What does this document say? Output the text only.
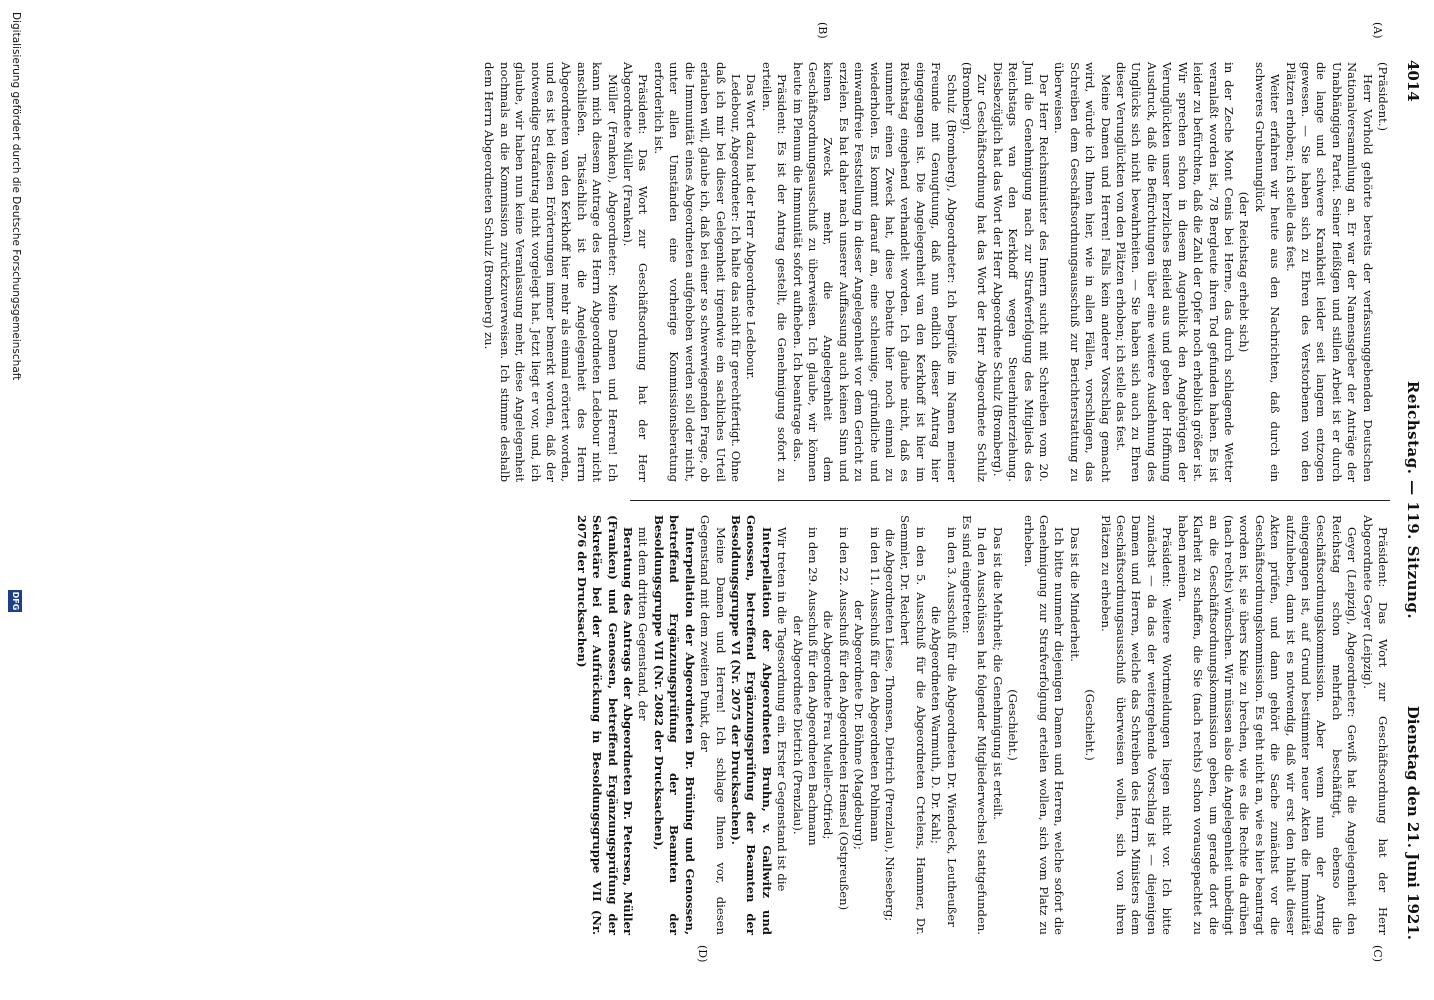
4014
Reichstag. — 119. Sitzung.
Dienstag den 21. Juni 1921.
(A)
(B)
(C)
(D)

(Präsident.)

Herr Vorhold gehörte bereits der verfassunggebenden Deutschen Nationalversammlung an. Er war der Namensgeber der Anträge der Unabhängigen Partei. Seiner fleißigen und stillen Arbeit ist er durch die lange und schwere Krankheit leider seit langem entzogen gewesen. — Sie haben sich zu Ehren des Verstorbenen von den Plätzen erhoben; ich stelle das fest.

Weiter erfahren wir heute aus den Nachrichten, daß durch ein schweres Grubenunglück

(der Reichstag erhebt sich)

in der Zeche Mont Cenis bei Herne, das durch schlagende Wetter veranlaßt worden ist, 78 Bergleute ihren Tod gefunden haben. Es ist leider zu befürchten, daß die Zahl der Opfer noch erheblich größer ist. Wir sprechen schon in diesem Augenblick den Angehörigen der Verunglückten unser herzliches Beileid aus und geben der Hoffnung Ausdruck, daß die Befürchtungen über eine weitere Ausdehnung des Unglücks sich nicht bewahrheiten. — Sie haben sich auch zu Ehren dieser Verunglückten von den Plätzen erhoben; ich stelle das fest.

Meine Damen und Herren! Falls kein anderer Vorschlag gemacht wird, würde ich Ihnen hier, wie in allen Fällen, vorschlagen, das Schreiben dem Geschäftsordnungsausschuß zur Berichterstattung zu überweisen.

Der Herr Reichsminister des Innern sucht mit Schreiben vom 20. Juni die Genehmigung nach zur Strafverfolgung des Mitglieds des Reichstags van den Kerkhoff wegen Steuerhinterziehung. Diesbezüglich hat das Wort der Herr Abgeordnete Schulz (Bromberg).

Zur Geschäftsordnung hat das Wort der Herr Abgeordnete Schulz (Bromberg).

Schulz (Bromberg), Abgeordneter: Ich begrüße im Namen meiner Freunde mit Genugtuung, daß nun endlich dieser Antrag hier eingegangen ist. Die Angelegenheit van den Kerkhoff ist hier im Reichstag eingehend verhandelt worden. Ich glaube nicht, daß es nunmehr einen Zweck hat, diese Debatte hier noch einmal zu wiederholen. Es kommt darauf an, eine schleunige, gründliche und einwandfreie Feststellung in dieser Angelegenheit vor dem Gericht zu erzielen. Es hat daher nach unserer Auffassung auch keinen Sinn und keinen Zweck mehr, die Angelegenheit dem Geschäftsordnungsausschuß zu überweisen. Ich glaube, wir können heute im Plenum die Immunität sofort aufheben. Ich beantrage das.

Präsident: Es ist der Antrag gestellt, die Genehmigung sofort zu erteilen.

Das Wort dazu hat der Herr Abgeordnete Ledebour.

Ledebour, Abgeordneter: Ich halte das nicht für gerechtfertigt. Ohne daß ich mir bei dieser Gelegenheit irgendwie ein sachliches Urteil erlauben will, glaube ich, daß bei einer so schwerwiegenden Frage, ob die Immunität eines Abgeordneten aufgehoben werden soll oder nicht, unter allen Umständen eine vorherige Kommissionsberatung erforderlich ist.

Präsident: Das Wort zur Geschäftsordnung hat der Herr Abgeordnete Müller (Franken).

Müller (Franken), Abgeordneter: Meine Damen und Herren! Ich kann mich diesem Antrage des Herrn Abgeordneten Ledebour nicht anschließen. Tatsächlich ist die Angelegenheit des Herrn Abgeordneten van den Kerkhoff hier mehr als einmal erörtert worden, und es ist bei diesen Erörterungen immer bemerkt worden, daß der notwendige Strafantrag nicht vorgelegt hat. Jetzt liegt er vor, und, ich glaube, wir haben nun keine Veranlassung mehr, diese Angelegenheit nochmals an die Kommission zurückzuverweisen. Ich stimme deshalb dem Herrn Abgeordneten Schulz (Bromberg) zu.

Präsident: Das Wort zur Geschäftsordnung hat der Herr Abgeordnete Geyer (Leipzig).

Geyer (Leipzig), Abgeordneter: Gewiß hat die Angelegenheit den Reichstag schon mehrfach beschäftigt, ebenso die Geschäftsordnungskommission. Aber wenn nun der Antrag eingegangen ist, auf Grund bestimmter neuer Akten die Immunität aufzuheben, dann ist es notwendig, daß wir erst den Inhalt dieser Akten prüfen, und dann gehört die Sache zunächst vor die Geschäftsordnungskommission. Es geht nicht an, wie es hier beantragt worden ist, sie übers Knie zu brechen, wie es die Rechte da drüben (nach rechts) wünschen. Wir müssen also die Angelegenheit unbedingt an die Geschäftsordnungskommission geben, um gerade dort die Klarheit zu schaffen, die Sie (nach rechts) schon vorausgepachtet zu haben meinen.

Präsident: Weitere Wortmeldungen liegen nicht vor. Ich bitte zunächst — da das der weitergehende Vorschlag ist — diejenigen Damen und Herren, welche das Schreiben des Herrn Ministers dem Geschäftsordnungsausschuß überweisen wollen, sich von ihren Plätzen zu erheben.

(Geschieht.)

Das ist die Minderheit.

Ich bitte nunmehr diejenigen Damen und Herren, welche sofort die Genehmigung zur Strafverfolgung erteilen wollen, sich vom Platz zu erheben.

(Geschieht.)

Das ist die Mehrheit; die Genehmigung ist erteilt.

In den Ausschüssen hat folgender Mitgliederwechsel stattgefunden. Es sind eingetreten:

in den 3. Ausschuß für die Abgeordneten Dr. Wiendeck, Leutheußer

die Abgeordneten Warmuth, D. Dr. Kahl;

in den 5. Ausschuß für die Abgeordneten Crtelens, Hammer, Dr. Semmler, Dr. Reichert

die Abgeordneten Liese, Thomsen, Dietrich (Prenzlau), Nieseberg;

in den 11. Ausschuß für den Abgeordneten Pohlmann

der Abgeordnete Dr. Böhme (Magdeburg);

in den 22. Ausschuß für den Abgeordneten Hemsel (Ostpreußen)

die Abgeordnete Frau Mueller-Otfried;

in den 29. Ausschuß für den Abgeordneten Bachmann

der Abgeordnete Dietrich (Prenzlau).

Wir treten in die Tagesordnung ein. Erster Gegenstand ist die

Interpellation der Abgeordneten Bruhn, v. Gallwitz und Genossen, betreffend Ergänzungsprüfung der Beamten der Besoldungsgruppe VI (Nr. 2075 der Drucksachen).

Meine Damen und Herren! Ich schlage Ihnen vor, diesen Gegenstand mit dem zweiten Punkt, der

Interpellation der Abgeordneten Dr. Brüning und Genossen, betreffend Ergänzungsprüfung der Beamten der Besoldungsgruppe VII (Nr. 2082 der Drucksachen),

mit dem dritten Gegenstand, der

Beratung des Antrags der Abgeordneten Dr. Petersen, Müller (Franken) und Genossen, betreffend Ergänzungsprüfung der Sekretäre bei der Aufrückung in Besoldungsgruppe VII (Nr. 2076 der Drucksachen)

Digitalisierung gefördert durch die Deutsche Forschungsgemeinschaft
DFG
